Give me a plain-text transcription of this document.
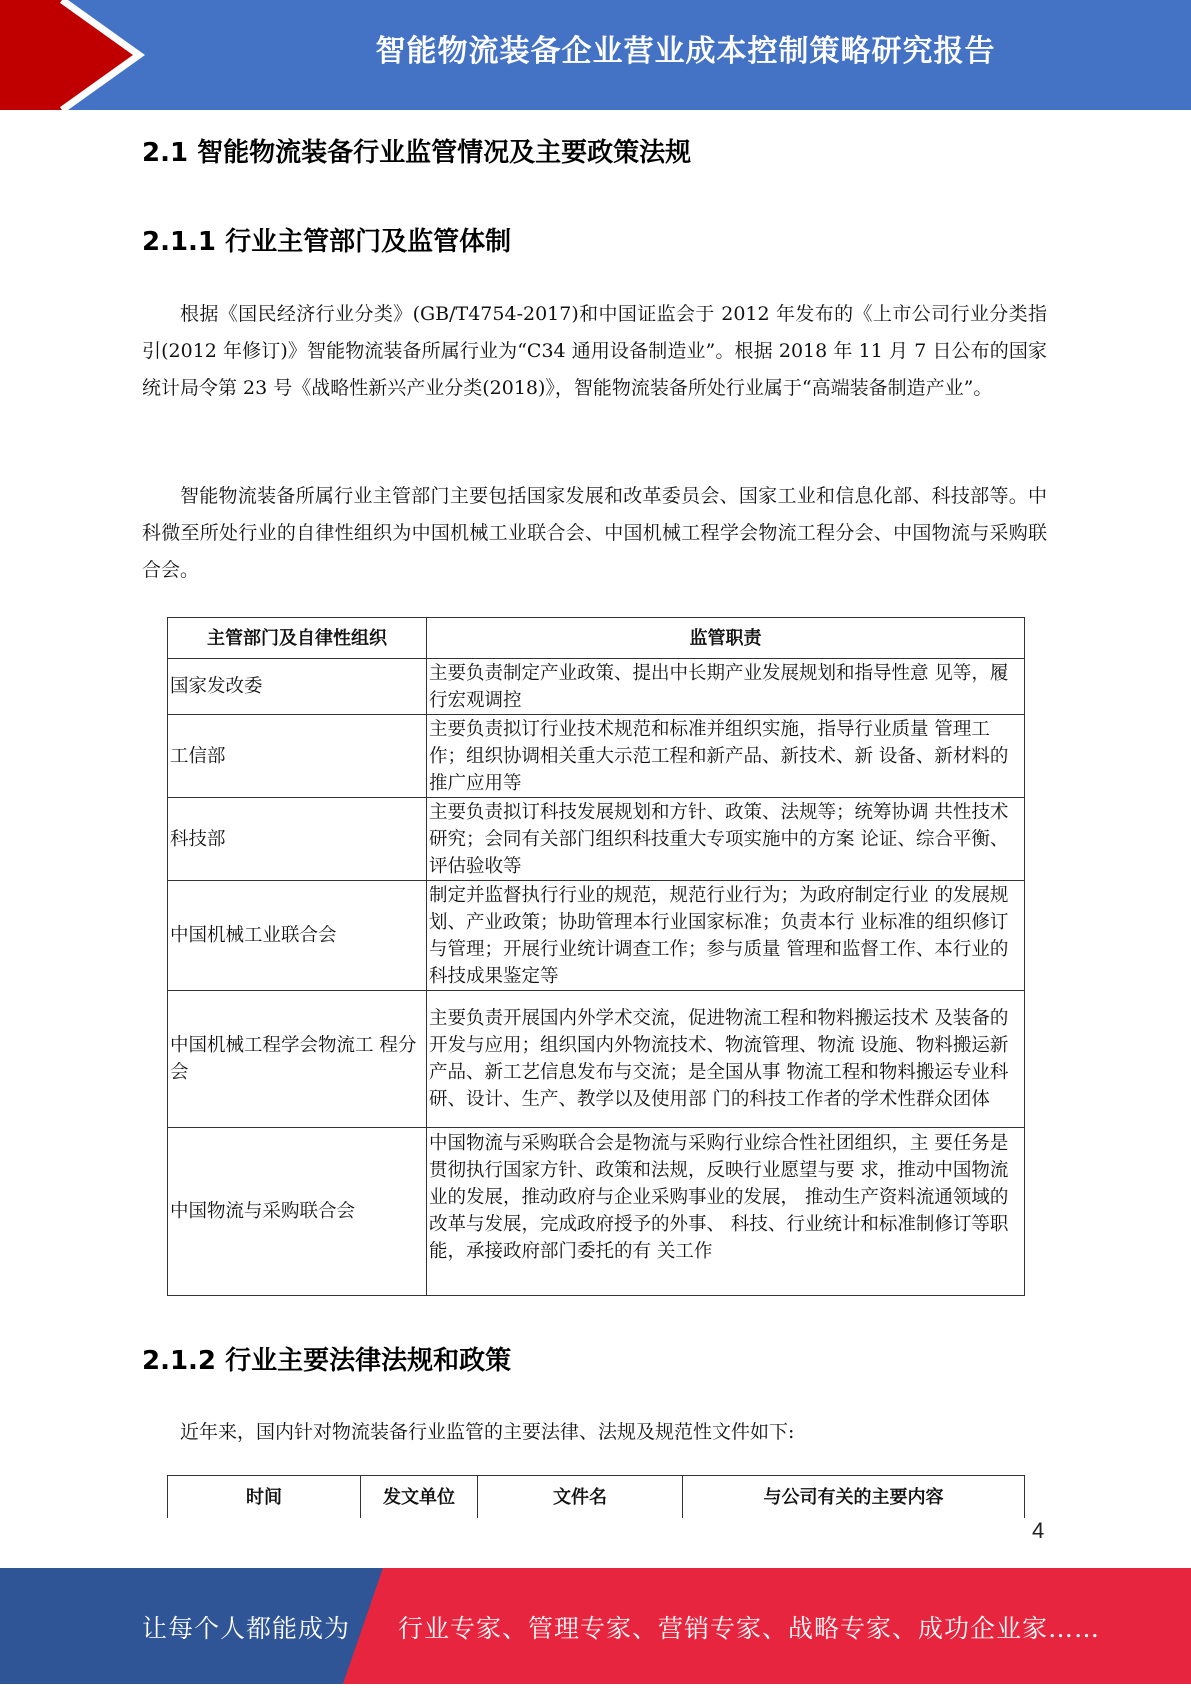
智能物流装备企业营业成本控制策略研究报告
2.1 智能物流装备行业监管情况及主要政策法规
2.1.1 行业主管部门及监管体制
根据《国民经济行业分类》(GB/T4754-2017)和中国证监会于 2012 年发布的《上市公司行业分类指引(2012 年修订)》智能物流装备所属行业为“C34 通用设备制造业”。根据 2018 年 11 月 7 日公布的国家统计局令第 23 号《战略性新兴产业分类(2018)》，智能物流装备所处行业属于“高端装备制造产业”。
智能物流装备所属行业主管部门主要包括国家发展和改革委员会、国家工业和信息化部、科技部等。中科微至所处行业的自律性组织为中国机械工业联合会、中国机械工程学会物流工程分会、中国物流与采购联合会。
主管部门及自律性组织	监管职责
国家发改委	主要负责制定产业政策、提出中长期产业发展规划和指导性意 见等，履行宏观调控
工信部	主要负责拟订行业技术规范和标准并组织实施，指导行业质量 管理工作；组织协调相关重大示范工程和新产品、新技术、新 设备、新材料的推广应用等
科技部	主要负责拟订科技发展规划和方针、政策、法规等；统筹协调 共性技术研究；会同有关部门组织科技重大专项实施中的方案 论证、综合平衡、评估验收等
中国机械工业联合会	制定并监督执行行业的规范，规范行业行为；为政府制定行业 的发展规划、产业政策；协助管理本行业国家标准；负责本行 业标准的组织修订与管理；开展行业统计调查工作；参与质量 管理和监督工作、本行业的科技成果鉴定等
中国机械工程学会物流工 程分会	主要负责开展国内外学术交流，促进物流工程和物料搬运技术 及装备的开发与应用；组织国内外物流技术、物流管理、物流 设施、物料搬运新产品、新工艺信息发布与交流；是全国从事 物流工程和物料搬运专业科研、设计、生产、教学以及使用部 门的科技工作者的学术性群众团体
中国物流与采购联合会	中国物流与采购联合会是物流与采购行业综合性社团组织，主 要任务是贯彻执行国家方针、政策和法规，反映行业愿望与要 求，推动中国物流业的发展，推动政府与企业采购事业的发展， 推动生产资料流通领域的改革与发展，完成政府授予的外事、 科技、行业统计和标准制修订等职能，承接政府部门委托的有 关工作
2.1.2 行业主要法律法规和政策
近年来，国内针对物流装备行业监管的主要法律、法规及规范性文件如下:
时间	发文单位	文件名	与公司有关的主要内容
4
让每个人都能成为 行业专家、管理专家、营销专家、战略专家、成功企业家……
